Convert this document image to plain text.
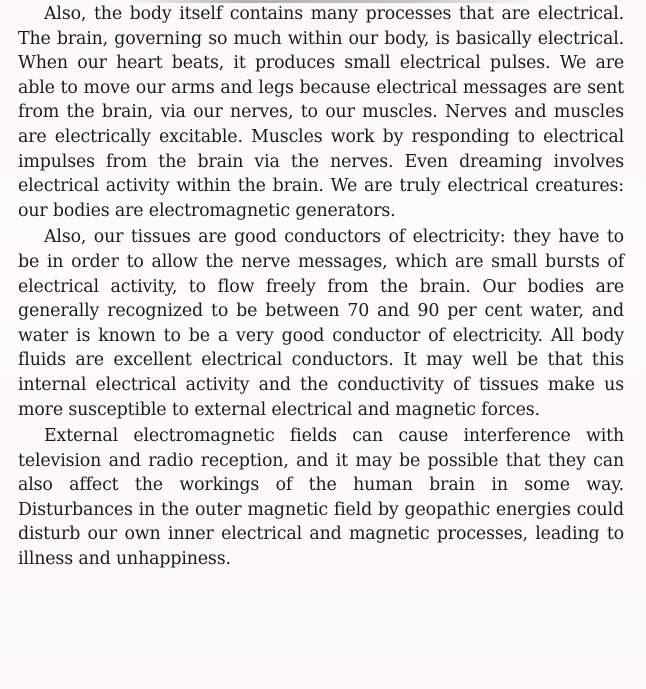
Also, the body itself contains many processes that are electrical. The brain, governing so much within our body, is basically electrical. When our heart beats, it produces small electrical pulses. We are able to move our arms and legs because electrical messages are sent from the brain, via our nerves, to our muscles. Nerves and muscles are electrically excitable. Muscles work by responding to electrical impulses from the brain via the nerves. Even dreaming involves electrical activity within the brain. We are truly electrical creatures: our bodies are electromagnetic generators.

Also, our tissues are good conductors of electricity: they have to be in order to allow the nerve messages, which are small bursts of electrical activity, to flow freely from the brain. Our bodies are generally recognized to be between 70 and 90 per cent water, and water is known to be a very good conductor of electricity. All body fluids are excellent electrical conductors. It may well be that this internal electrical activity and the conductivity of tissues make us more susceptible to external electrical and magnetic forces.

External electromagnetic fields can cause interference with television and radio reception, and it may be possible that they can also affect the workings of the human brain in some way. Disturbances in the outer magnetic field by geopathic energies could disturb our own inner electrical and magnetic processes, leading to illness and unhappiness.
